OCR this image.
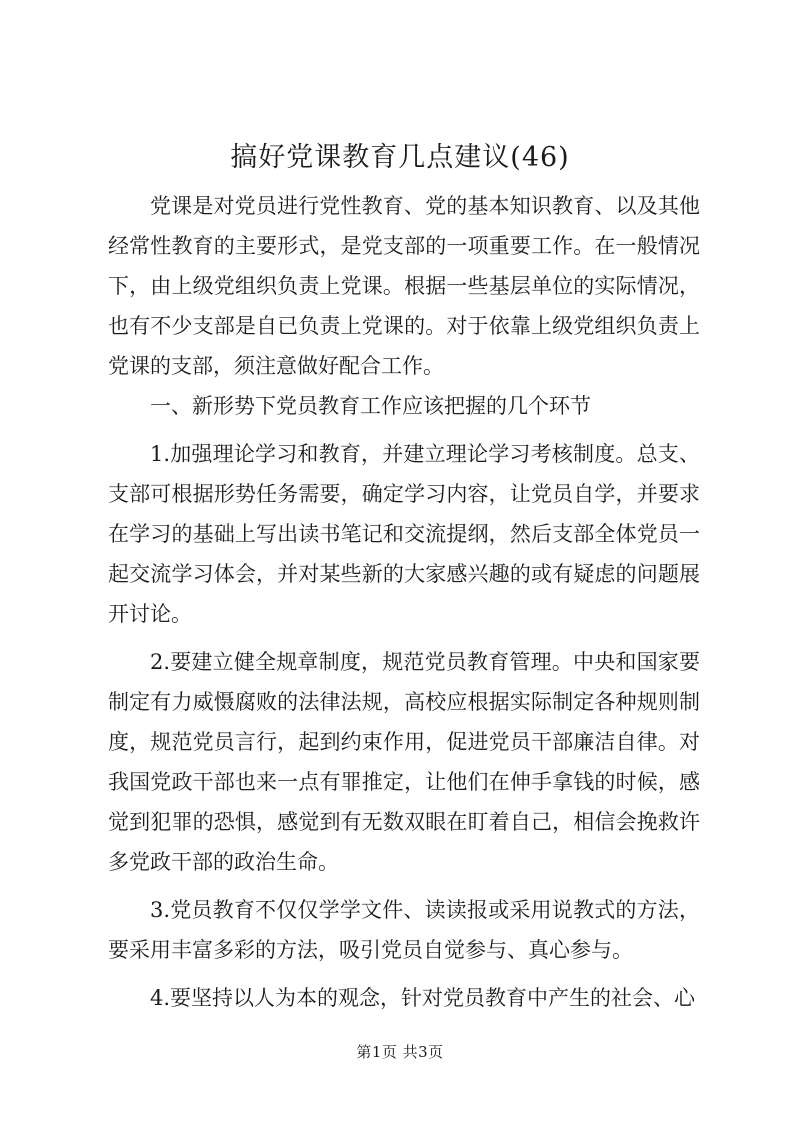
搞好党课教育几点建议(46)

党课是对党员进行党性教育、党的基本知识教育、以及其他经常性教育的主要形式，是党支部的一项重要工作。在一般情况下，由上级党组织负责上党课。根据一些基层单位的实际情况，也有不少支部是自已负责上党课的。对于依靠上级党组织负责上党课的支部，须注意做好配合工作。

一、新形势下党员教育工作应该把握的几个环节

1.加强理论学习和教育，并建立理论学习考核制度。总支、支部可根据形势任务需要，确定学习内容，让党员自学，并要求在学习的基础上写出读书笔记和交流提纲，然后支部全体党员一起交流学习体会，并对某些新的大家感兴趣的或有疑虑的问题展开讨论。

2.要建立健全规章制度，规范党员教育管理。中央和国家要制定有力威慑腐败的法律法规，高校应根据实际制定各种规则制度，规范党员言行，起到约束作用，促进党员干部廉洁自律。对我国党政干部也来一点有罪推定，让他们在伸手拿钱的时候，感觉到犯罪的恐惧，感觉到有无数双眼在盯着自己，相信会挽救许多党政干部的政治生命。

3.党员教育不仅仅学学文件、读读报或采用说教式的方法，要采用丰富多彩的方法，吸引党员自觉参与、真心参与。

4.要坚持以人为本的观念，针对党员教育中产生的社会、心

第1页 共3页
